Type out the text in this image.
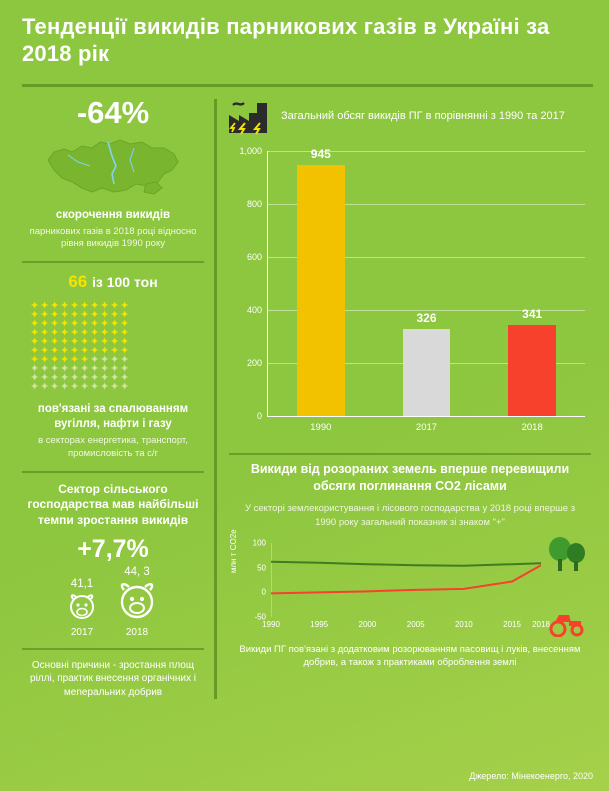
Тенденції викидів парникових газів в Україні за 2018 рік
-64%
скорочення викидів
парникових газів в 2018 році відносно рівня викидів 1990 року
66 із 100 тон
✦✦✦✦✦✦✦✦✦✦
✦✦✦✦✦✦✦✦✦✦
✦✦✦✦✦✦✦✦✦✦
✦✦✦✦✦✦✦✦✦✦
✦✦✦✦✦✦✦✦✦✦
✦✦✦✦✦✦✦✦✦✦
✦✦✦✦✦✦✦✦✦✦
✦✦✦✦✦✦✦✦✦✦
✦✦✦✦✦✦✦✦✦✦
✦✦✦✦✦✦✦✦✦✦

пов'язані за спалюванням вугілля, нафти і газу
в секторах енергетика, транспорт, промисловість та с/г
Сектор сільського господарства мав найбільші темпи зростання викидів
+7,7%
41,1
2017
44, 3
2018
Основні причини - зростання площ ріллі, практик внесення органічних і меneральних добрив
Загальний обсяг викидів ПГ в порівнянні з 1990 та 2017
0
200
400
600
800
1,000	945
1990
326
2017
341
2018
Викиди від розораних земель вперше перевищили обсяги поглинання CO2 лісами
У секторі землекористування і лісового господарства у 2018 році вперше з 1990 року загальний показник зі знаком "+"
млн т CO2e
-50
0
50
100
1990	1995	2000	2005	2010	2015 2018
Викиди ПГ пов'язані з додатковим розорюванням пасовищ і луків, внесенням добрив, а також з практиками оброблення землі
Джерело: Мінекоенерго, 2020
